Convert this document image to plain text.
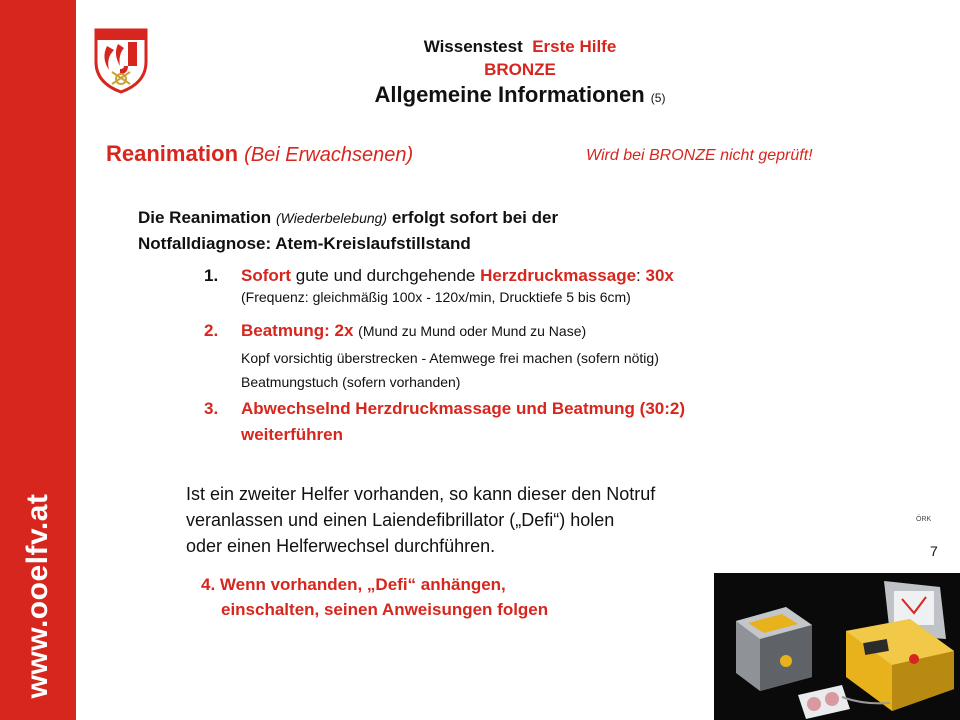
www.ooelfv.at
Wissenstest Erste Hilfe
BRONZE
Allgemeine Informationen (5)
Reanimation (Bei Erwachsenen)	Wird bei BRONZE nicht geprüft!
Die Reanimation (Wiederbelebung) erfolgt sofort bei der
Notfalldiagnose: Atem-Kreislaufstillstand
1. Sofort gute und durchgehende Herzdruckmassage: 30x
(Frequenz: gleichmäßig 100x - 120x/min, Drucktiefe 5 bis 6cm)
2. Beatmung: 2x (Mund zu Mund oder Mund zu Nase)
Kopf vorsichtig überstrecken - Atemwege frei machen (sofern nötig)
Beatmungstuch (sofern vorhanden)
3. Abwechselnd Herzdruckmassage und Beatmung (30:2)
weiterführen
Ist ein zweiter Helfer vorhanden, so kann dieser den Notruf
veranlassen und einen Laiendefibrillator („Defi“) holen
oder einen Helferwechsel durchführen.
ÖRK
7
4. Wenn vorhanden, „Defi“ anhängen,
einschalten, seinen Anweisungen folgen
